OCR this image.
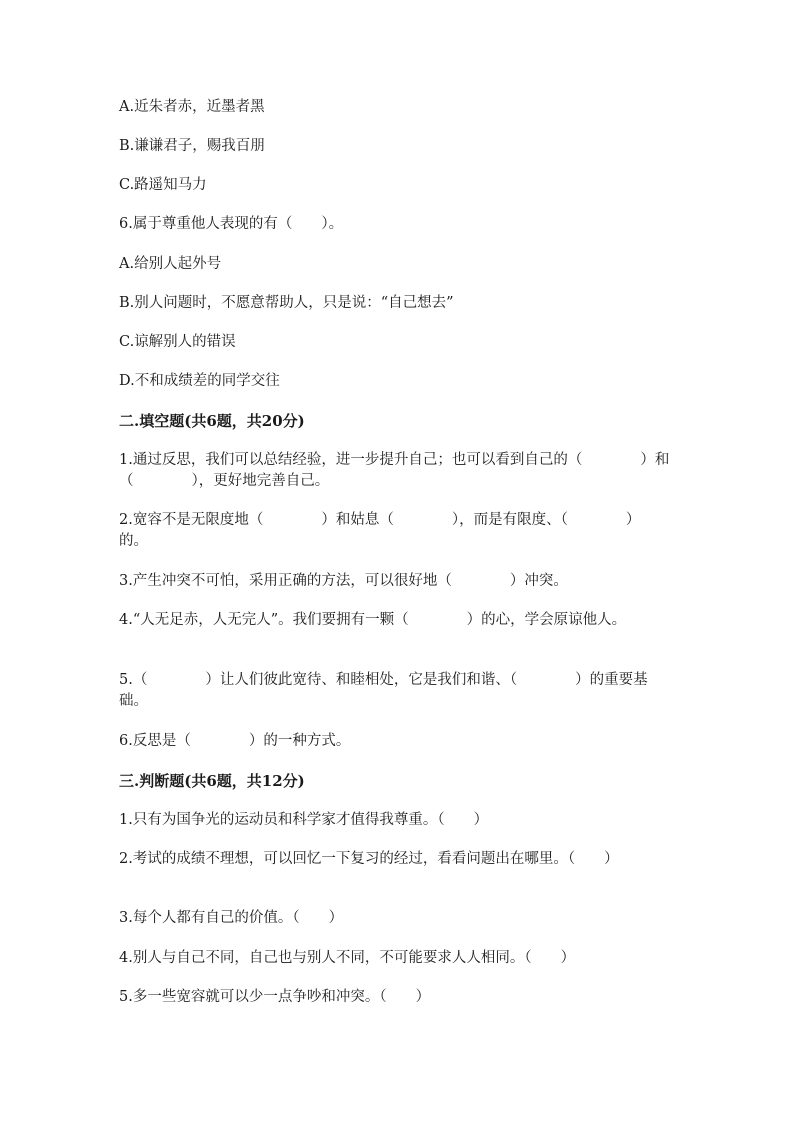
A.近朱者赤，近墨者黑
B.谦谦君子，赐我百朋
C.路遥知马力
6.属于尊重他人表现的有（　　）。
A.给别人起外号
B.别人问题时，不愿意帮助人，只是说：“自己想去”
C.谅解别人的错误
D.不和成绩差的同学交往
二.填空题(共6题，共20分)
1.通过反思，我们可以总结经验，进一步提升自己；也可以看到自己的（　　　　）和（　　　　），更好地完善自己。
2.宽容不是无限度地（　　　　）和姑息（　　　　），而是有限度、（　　　　）的。
3.产生冲突不可怕，采用正确的方法，可以很好地（　　　　）冲突。
4.“人无足赤，人无完人”。我们要拥有一颗（　　　　）的心，学会原谅他人。
5.（　　　　）让人们彼此宽待、和睦相处，它是我们和谐、（　　　　）的重要基础。
6.反思是（　　　　）的一种方式。
三.判断题(共6题，共12分)
1.只有为国争光的运动员和科学家才值得我尊重。（　　）
2.考试的成绩不理想，可以回忆一下复习的经过，看看问题出在哪里。（　　）
3.每个人都有自己的价值。（　　）
4.别人与自己不同，自己也与别人不同，不可能要求人人相同。（　　）
5.多一些宽容就可以少一点争吵和冲突。（　　）
